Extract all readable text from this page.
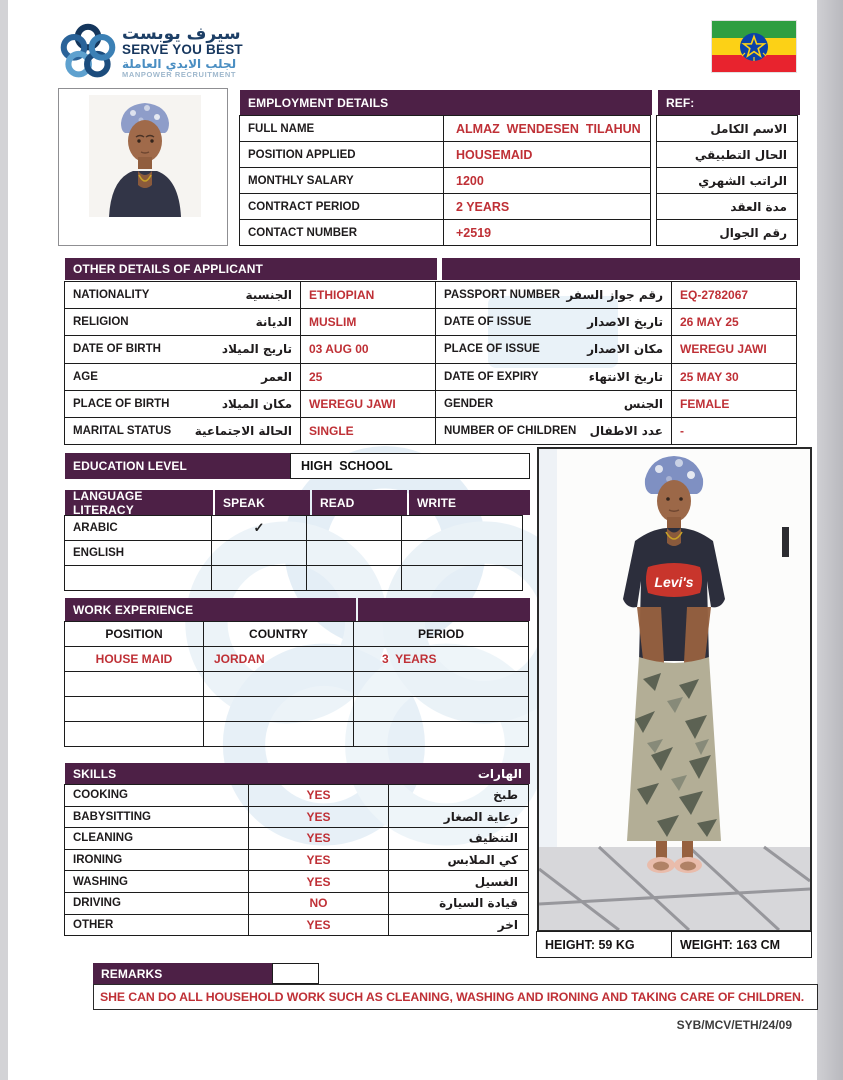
سيرف يوبست
SERVE YOU BEST
لجلب الايدي العاملة
MANPOWER RECRUITMENT
EMPLOYMENT DETAILS	REF:
FULL NAME	ALMAZ  WENDESEN  TILAHUN	الاسم الكامل
POSITION APPLIED	HOUSEMAID	الحال التطبيقي
MONTHLY SALARY	1200	الراتب الشهري
CONTRACT PERIOD	2 YEARS	مدة العقد
CONTACT NUMBER	+2519	رقم الجوال
OTHER DETAILS OF APPLICANT
NATIONALITY	الجنسية	ETHIOPIAN	PASSPORT NUMBER رقم جواز السفر	EQ-2782067
RELIGION	الديانة	MUSLIM	DATE OF ISSUE	تاريخ الاصدار	26 MAY 25
DATE OF BIRTH	تاريج الميلاد	03 AUG 00	PLACE OF ISSUE	مكان الاصدار	WEREGU JAWI
AGE	العمر	25	DATE OF EXPIRY	تاريخ الانتهاء	25 MAY 30
PLACE OF BIRTH	مكان الميلاد	WEREGU JAWI	GENDER	الجنس	FEMALE
MARITAL STATUS الحالة الاجتماعية	SINGLE	NUMBER OF CHILDREN عدد الاطفال	-
EDUCATION LEVEL	HIGH  SCHOOL
LANGUAGE LITERACY	SPEAK	READ	WRITE
ARABIC	✓
ENGLISH
WORK EXPERIENCE
POSITION	COUNTRY	PERIOD
HOUSE MAID	JORDAN	3  YEARS
SKILLS	الهارات
COOKING	YES	طبخ
BABYSITTING	YES	رعاية الصغار
CLEANING	YES	التنظيف
IRONING	YES	كي الملابس
WASHING	YES	الغسيل
DRIVING	NO	قيادة السيارة
OTHER	YES	اخر
Levi's
HEIGHT: 59 KG	WEIGHT: 163 CM
REMARKS
SHE CAN DO ALL HOUSEHOLD WORK SUCH AS CLEANING, WASHING AND IRONING AND TAKING CARE OF CHILDREN.
SYB/MCV/ETH/24/09
